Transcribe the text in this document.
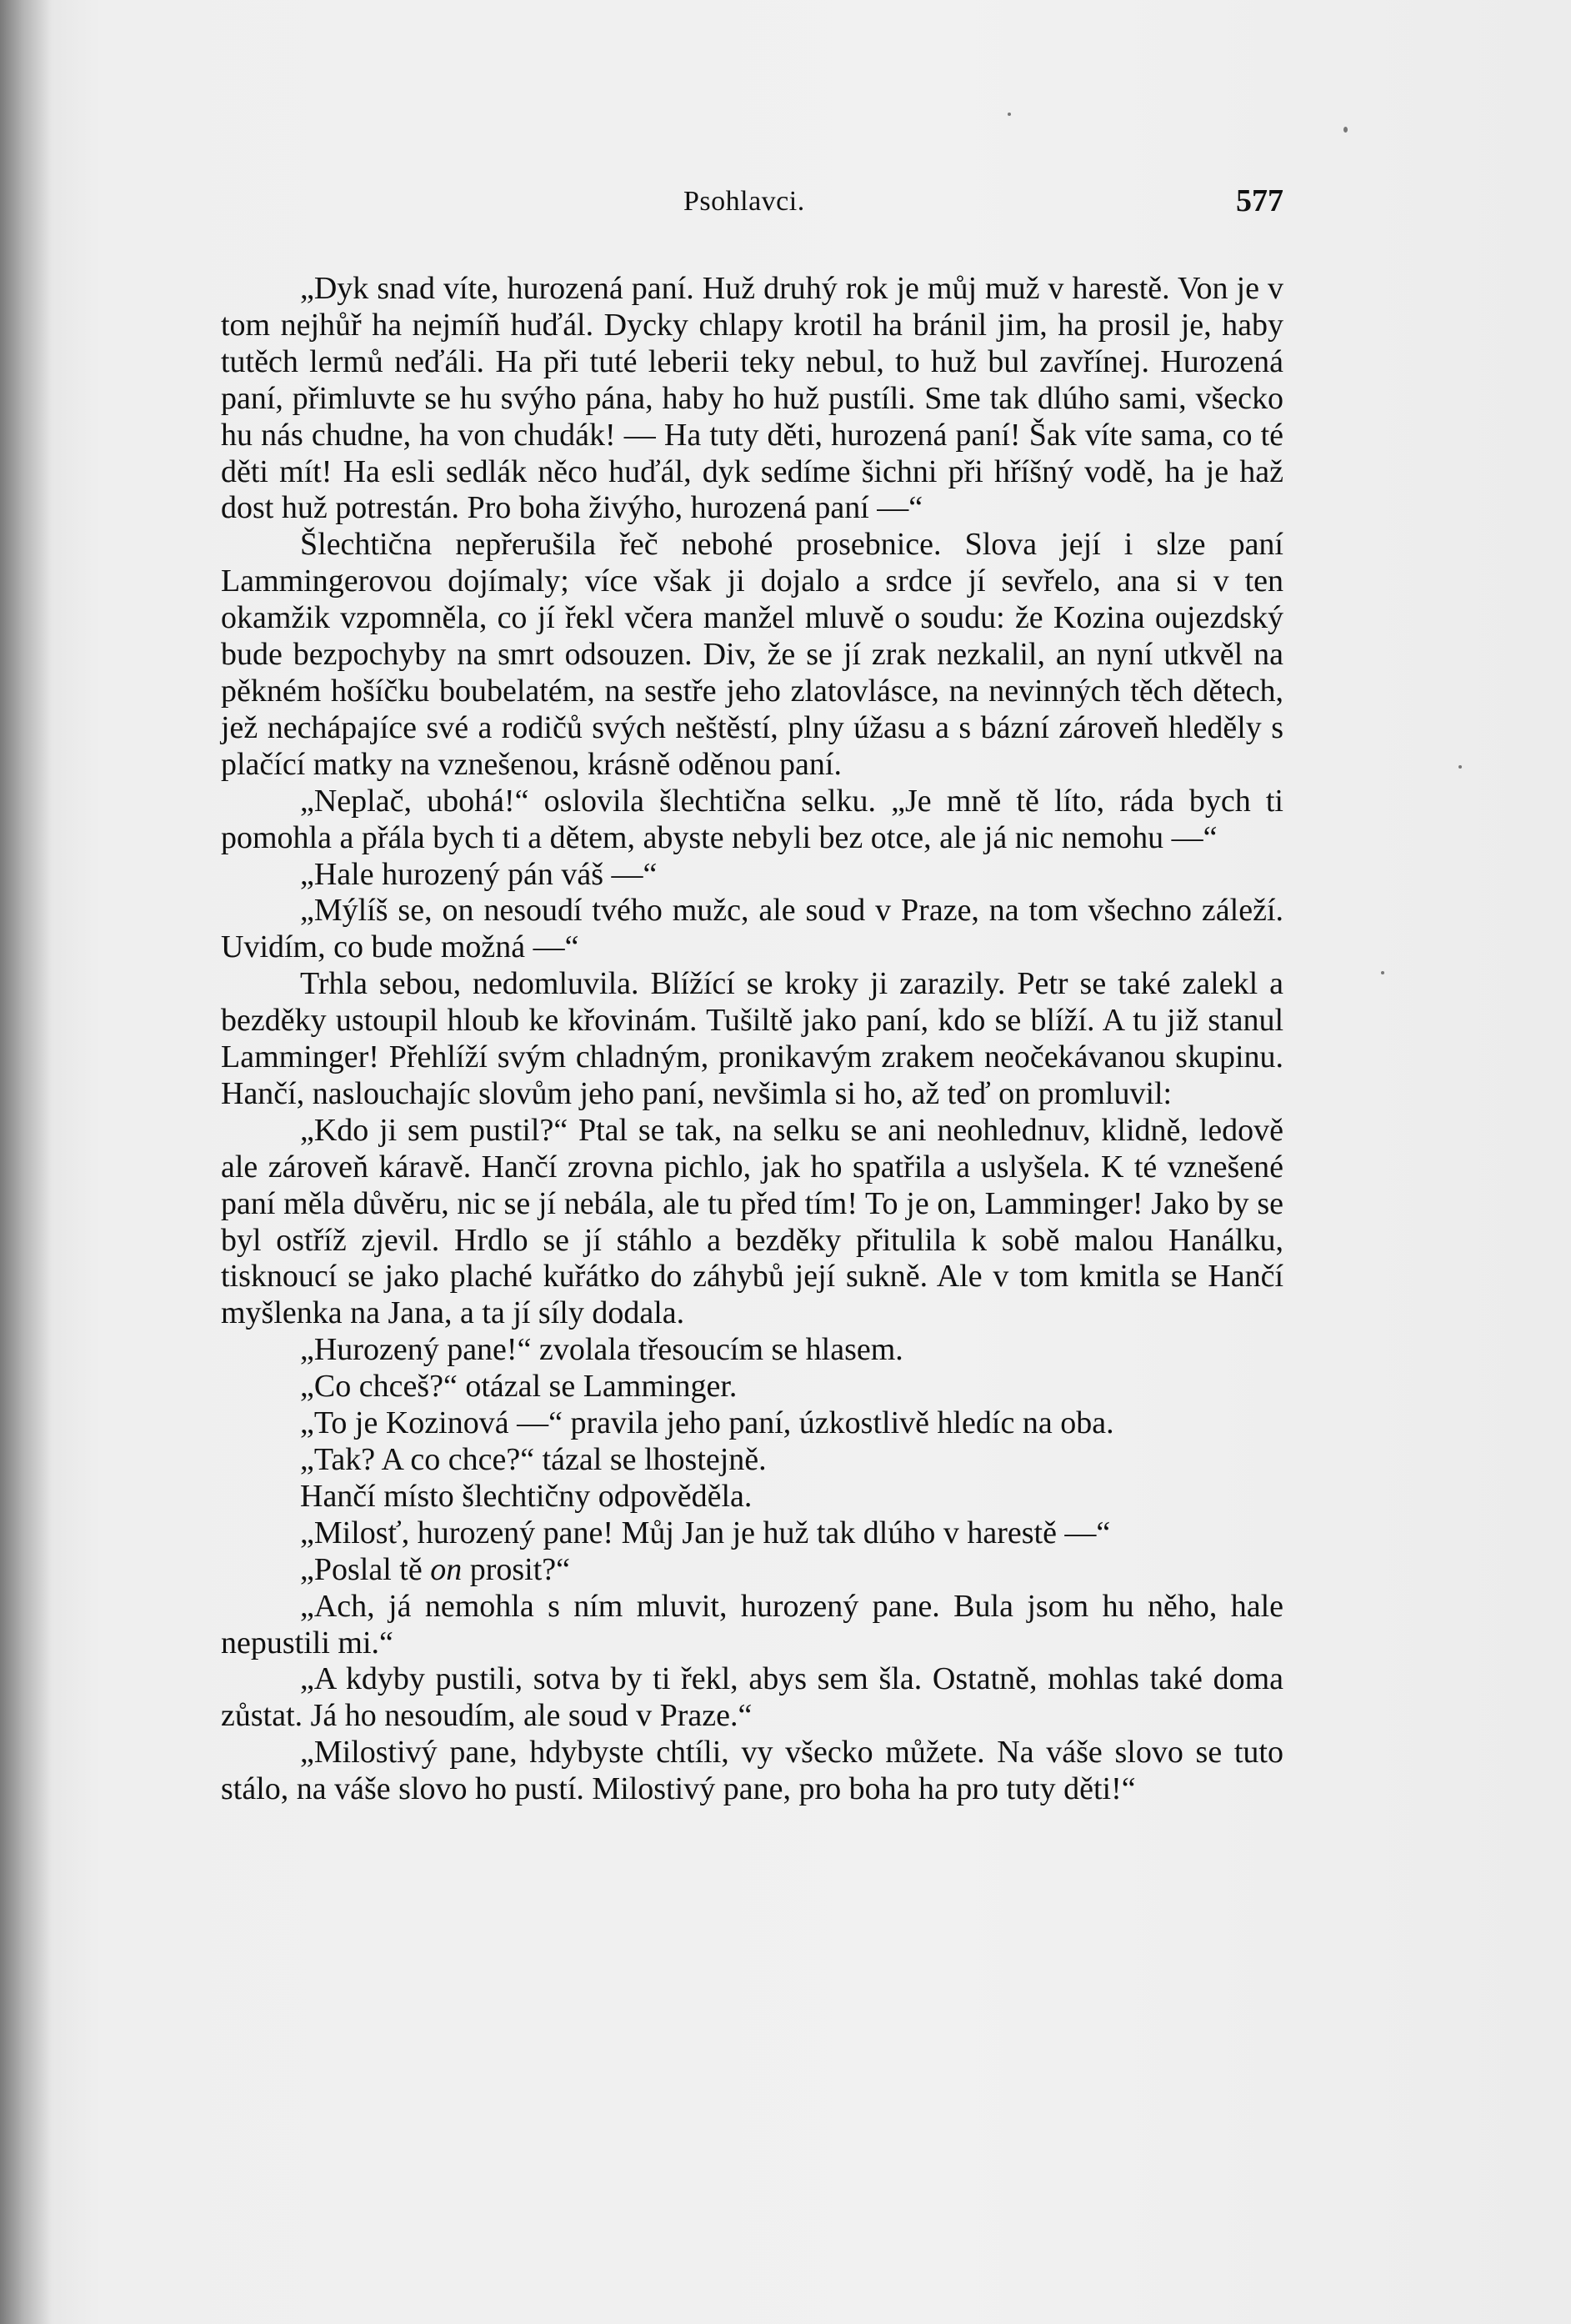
Psohlavci.	577

„Dyk snad víte, hurozená paní. Huž druhý rok je můj muž v harestě. Von je v tom nejhůř ha nejmíň huďál. Dycky chlapy krotil ha bránil jim, ha prosil je, haby tutěch lermů neďáli. Ha při tuté leberii teky nebul, to huž bul zavřínej. Hurozená paní, přimluvte se hu svýho pána, haby ho huž pustíli. Sme tak dlúho sami, všecko hu nás chudne, ha von chudák! — Ha tuty děti, hurozená paní! Šak víte sama, co té děti mít! Ha esli sedlák něco huďál, dyk sedíme šichni při hříšný vodě, ha je haž dost huž potrestán. Pro boha živýho, hurozená paní —“

Šlechtična nepřerušila řeč nebohé prosebnice. Slova její i slze paní Lammingerovou dojímaly; více však ji dojalo a srdce jí sevřelo, ana si v ten okamžik vzpomněla, co jí řekl včera manžel mluvě o soudu: že Kozina oujezdský bude bezpochyby na smrt odsouzen. Div, že se jí zrak nezkalil, an nyní utkvěl na pěkném hošíčku boubelatém, na sestře jeho zlatovlásce, na nevinných těch dětech, jež nechápajíce své a rodičů svých neštěstí, plny úžasu a s bázní zároveň hleděly s plačící matky na vznešenou, krásně oděnou paní.

„Neplač, ubohá!“ oslovila šlechtična selku. „Je mně tě líto, ráda bych ti pomohla a přála bych ti a dětem, abyste nebyli bez otce, ale já nic nemohu —“

„Hale hurozený pán váš —“

„Mýlíš se, on nesoudí tvého mužc, ale soud v Praze, na tom všechno záleží. Uvidím, co bude možná —“

Trhla sebou, nedomluvila. Blížící se kroky ji zarazily. Petr se také zalekl a bezděky ustoupil hloub ke křovinám. Tušiltě jako paní, kdo se blíží. A tu již stanul Lamminger! Přehlíží svým chladným, pronikavým zrakem neočekávanou skupinu. Hančí, naslouchajíc slovům jeho paní, nevšimla si ho, až teď on promluvil:

„Kdo ji sem pustil?“ Ptal se tak, na selku se ani neohlednuv, klidně, ledově ale zároveň káravě. Hančí zrovna pichlo, jak ho spatřila a uslyšela. K té vznešené paní měla důvěru, nic se jí nebála, ale tu před tím! To je on, Lamminger! Jako by se byl ostříž zjevil. Hrdlo se jí stáhlo a bezděky přitulila k sobě malou Hanálku, tisknoucí se jako plaché kuřátko do záhybů její sukně. Ale v tom kmitla se Hančí myšlenka na Jana, a ta jí síly dodala.

„Hurozený pane!“ zvolala třesoucím se hlasem.

„Co chceš?“ otázal se Lamminger.

„To je Kozinová —“ pravila jeho paní, úzkostlivě hledíc na oba.

„Tak? A co chce?“ tázal se lhostejně.

Hančí místo šlechtičny odpověděla.

„Milosť, hurozený pane! Můj Jan je huž tak dlúho v harestě —“

„Poslal tě on prosit?“

„Ach, já nemohla s ním mluvit, hurozený pane. Bula jsom hu něho, hale nepustili mi.“

„A kdyby pustili, sotva by ti řekl, abys sem šla. Ostatně, mohlas také doma zůstat. Já ho nesoudím, ale soud v Praze.“

„Milostivý pane, hdybyste chtíli, vy všecko můžete. Na váše slovo se tuto stálo, na váše slovo ho pustí. Milostivý pane, pro boha ha pro tuty děti!“
